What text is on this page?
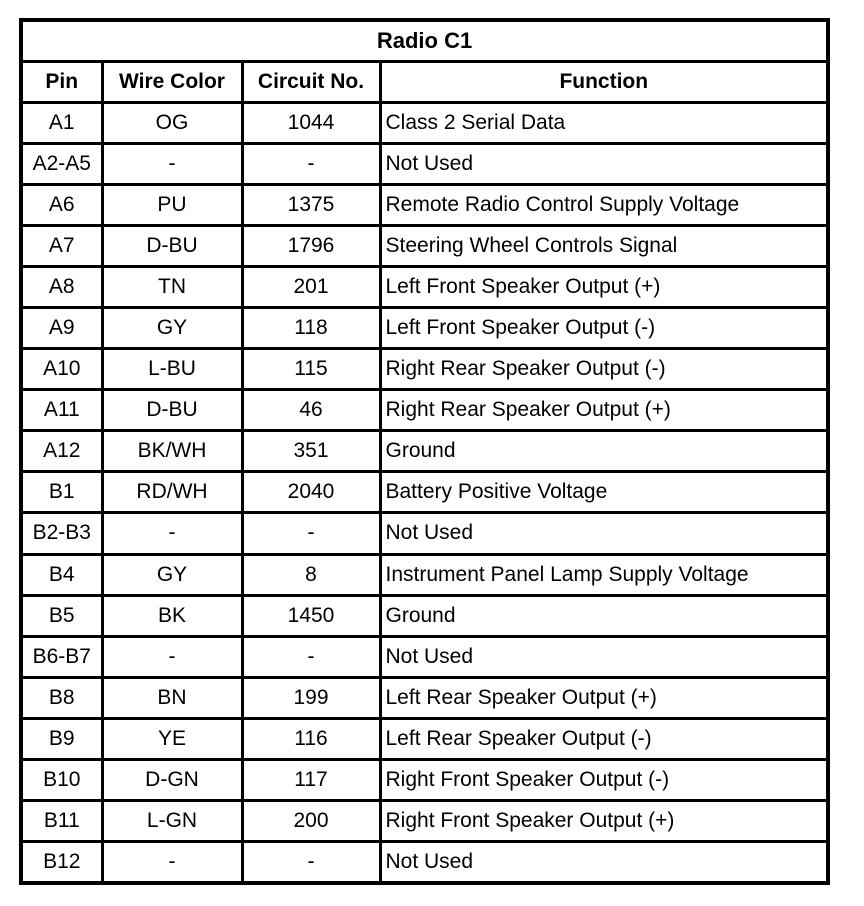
Radio C1			
Pin	Wire Color	Circuit No.	Function
A1	OG	1044	Class 2 Serial Data
A2-A5	-	-	Not Used
A6	PU	1375	Remote Radio Control Supply Voltage
A7	D-BU	1796	Steering Wheel Controls Signal
A8	TN	201	Left Front Speaker Output (+)
A9	GY	118	Left Front Speaker Output (-)
A10	L-BU	115	Right Rear Speaker Output (-)
A11	D-BU	46	Right Rear Speaker Output (+)
A12	BK/WH	351	Ground
B1	RD/WH	2040	Battery Positive Voltage
B2-B3	-	-	Not Used
B4	GY	8	Instrument Panel Lamp Supply Voltage
B5	BK	1450	Ground
B6-B7	-	-	Not Used
B8	BN	199	Left Rear Speaker Output (+)
B9	YE	116	Left Rear Speaker Output (-)
B10	D-GN	117	Right Front Speaker Output (-)
B11	L-GN	200	Right Front Speaker Output (+)
B12	-	-	Not Used
